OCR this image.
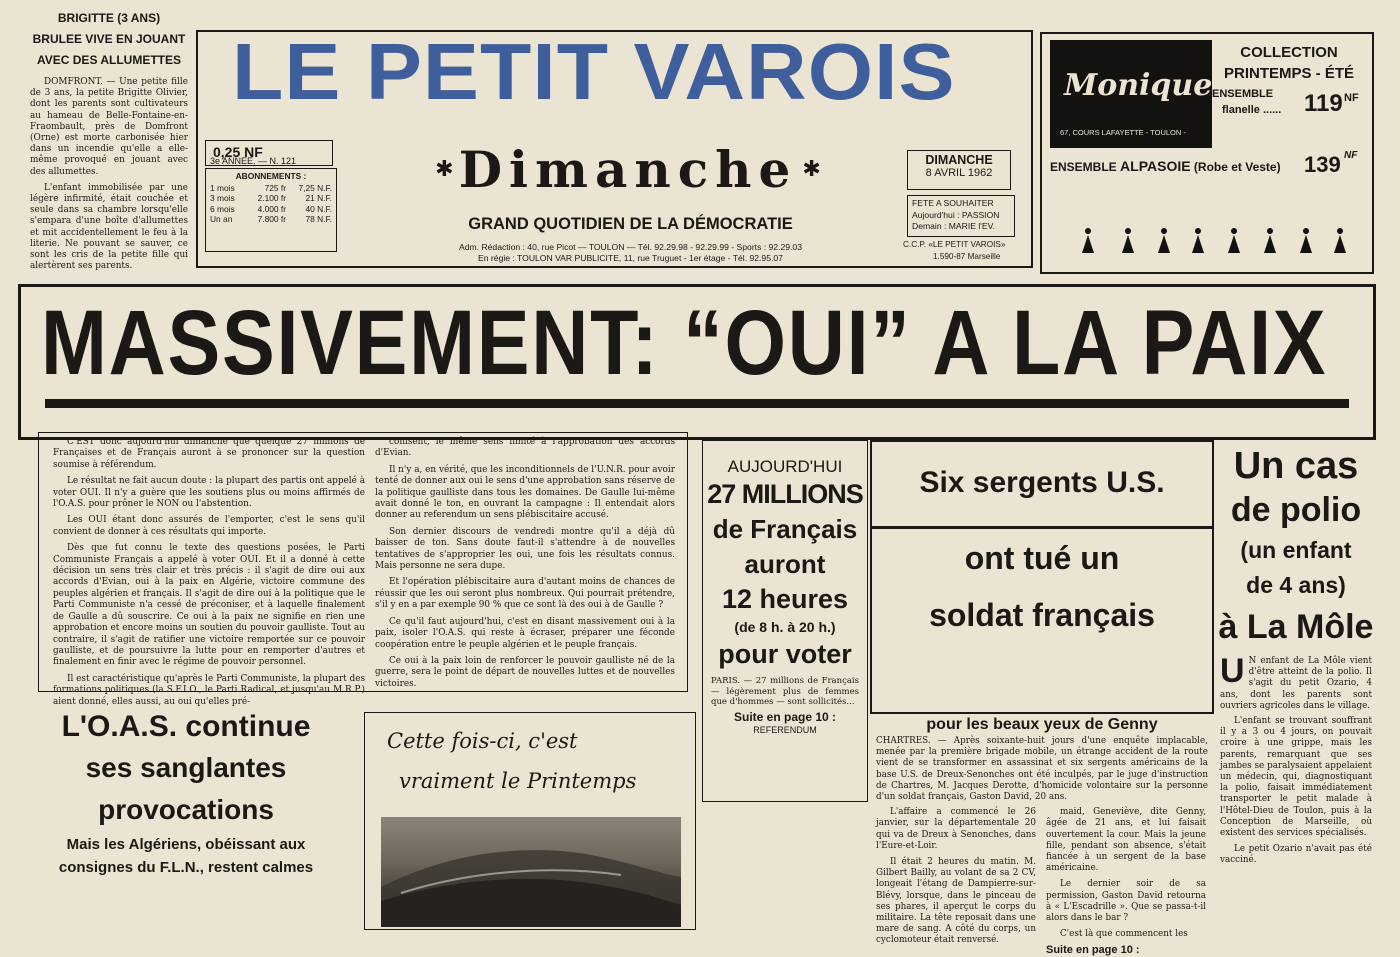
BRIGITTE (3 ANS)
BRULEE VIVE EN JOUANT
AVEC DES ALLUMETTES

DOMFRONT. — Une petite fille de 3 ans, la petite Brigitte Olivier, dont les parents sont cultivateurs au hameau de Belle-Fontaine-en-Fraombault, près de Domfront (Orne) est morte carbonisée hier dans un incendie qu'elle a elle-même provoqué en jouant avec des allumettes.

L'enfant immobilisée par une légère infirmité, était couchée et seule dans sa chambre lorsqu'elle s'empara d'une boîte d'allumettes et mit accidentellement le feu à la literie. Ne pouvant se sauver, ce sont les cris de la petite fille qui alertèrent ses parents.

LE PETIT VAROIS
0,25 NF
3e ANNEE. — N. 121
ABONNEMENTS :
1 mois	725 fr	7,25 N.F.
3 mois	2.100 fr	21 N.F.
6 mois	4.000 fr	40 N.F.
Un an	7.800 fr	78 N.F.
✱ Dimanche ✱
GRAND QUOTIDIEN DE LA DÉMOCRATIE
Adm. Rédaction : 40, rue Picot — TOULON — Tél. 92.29.98 - 92.29.99 - Sports : 92.29.03
En régie : TOULON VAR PUBLICITE, 11, rue Truguet - 1er étage - Tél. 92.95.07
DIMANCHE
8 AVRIL 1962
FETE A SOUHAITER
Aujourd'hui : PASSION
Demain : MARIE l'EV.
C.C.P. «LE PETIT VAROIS»
1.590-87 Marseille
Monique
67, COURS LAFAYETTE - TOULON -
COLLECTION
PRINTEMPS - ÉTÉ
ENSEMBLE
flanelle ...... 119 NF
ENSEMBLE ALPASOIE (Robe et Veste) 139 NF
MASSIVEMENT: “OUI” A LA PAIX

C'EST donc aujourd'hui dimanche que quelque 27 millions de Françaises et de Français auront à se prononcer sur la question soumise à référendum.

Le résultat ne fait aucun doute : la plupart des partis ont appelé à voter OUI. Il n'y a guère que les soutiens plus ou moins affirmés de l'O.A.S. pour prôner le NON ou l'abstention.

Les OUI étant donc assurés de l'emporter, c'est le sens qu'il convient de donner à ces résultats qui importe.

Dès que fut connu le texte des questions posées, le Parti Communiste Français a appelé à voter OUI. Et il a donné à cette décision un sens très clair et très précis : il s'agit de dire oui aux accords d'Evian, oui à la paix en Algérie, victoire commune des peuples algérien et français. Il s'agit de dire oui à la politique que le Parti Communiste n'a cessé de préconiser, et à laquelle finalement de Gaulle a dû souscrire. Ce oui à la paix ne signifie en rien une approbation et encore moins un soutien du pouvoir gaulliste. Tout au contraire, il s'agit de ratifier une victoire remportée sur ce pouvoir gaulliste, et de poursuivre la lutte pour en remporter d'autres et finalement en finir avec le régime de pouvoir personnel.

Il est caractéristique qu'après le Parti Communiste, la plupart des formations politiques (la S.F.I.O., le Parti Radical, et jusqu'au M.R.P.) aient donné, elles aussi, au oui qu'elles pré-

conisent, le même sens limité à l'approbation des accords d'Evian.

Il n'y a, en vérité, que les inconditionnels de l'U.N.R. pour avoir tenté de donner aux oui le sens d'une approbation sans réserve de la politique gaulliste dans tous les domaines. De Gaulle lui-même avait donné le ton, en ouvrant la campagne : Il entendait alors donner au referendum un sens plébiscitaire accusé.

Son dernier discours de vendredi montre qu'il a déjà dû baisser de ton. Sans doute faut-il s'attendre à de nouvelles tentatives de s'approprier les oui, une fois les résultats connus. Mais personne ne sera dupe.

Et l'opération plébiscitaire aura d'autant moins de chances de réussir que les oui seront plus nombreux. Qui pourrait prétendre, s'il y en a par exemple 90 % que ce sont là des oui à de Gaulle ?

Ce qu'il faut aujourd'hui, c'est en disant massivement oui à la paix, isoler l'O.A.S. qui reste à écraser, préparer une féconde coopération entre le peuple algérien et le peuple français.

Ce oui à la paix loin de renforcer le pouvoir gaulliste né de la guerre, sera le point de départ de nouvelles luttes et de nouvelles victoires.

AUJOURD'HUI
27 MILLIONS
de Français
auront
12 heures
(de 8 h. à 20 h.)
pour voter
PARIS. — 27 millions de Français — légèrement plus de femmes que d'hommes — sont sollicités...
Suite en page 10 :
REFERENDUM
Six sergents U.S.
ont tué un
soldat français
pour les beaux yeux de Genny
CHARTRES. — Après soixante-huit jours d'une enquête implacable, menée par la première brigade mobile, un étrange accident de la route vient de se transformer en assassinat et six sergents américains de la base U.S. de Dreux-Senonches ont été inculpés, par le juge d'instruction de Chartres, M. Jacques Derotte, d'homicide volontaire sur la personne d'un soldat français, Gaston David, 20 ans.

L'affaire a commencé le 26 janvier, sur la départementale 20 qui va de Dreux à Senonches, dans l'Eure-et-Loir.

Il était 2 heures du matin. M. Gilbert Bailly, au volant de sa 2 CV, longeait l'étang de Dampierre-sur-Blévy, lorsque, dans le pinceau de ses phares, il aperçut le corps du militaire. La tête reposait dans une mare de sang. A côté du corps, un cyclomoteur était renversé.

maid, Geneviève, dite Genny, âgée de 21 ans, et lui faisait ouvertement la cour. Mais la jeune fille, pendant son absence, s'était fiancée à un sergent de la base américaine.

Le dernier soir de sa permission, Gaston David retourna à « L'Escadrille ». Que se passa-t-il alors dans le bar ?

C'est là que commencent les

Suite en page 10 :
Un cas
de polio
(un enfant
de 4 ans)
à La Môle
U N enfant de La Môle vient d'être atteint de la polio. Il s'agit du petit Ozario, 4 ans, dont les parents sont ouvriers agricoles dans le village.

L'enfant se trouvant souffrant il y a 3 ou 4 jours, on pouvait croire à une grippe, mais les parents, remarquant que ses jambes se paralysaient appelaient un médecin, qui, diagnostiquant la polio, faisait immédiatement transporter le petit malade à l'Hôtel-Dieu de Toulon, puis à la Conception de Marseille, où existent des services spécialisés.

Le petit Ozario n'avait pas été vacciné.

L'O.A.S. continue
ses sanglantes
provocations
Mais les Algériens, obéissant aux
consignes du F.L.N., restent calmes
Cette fois-ci, c'est
vraiment le Printemps
